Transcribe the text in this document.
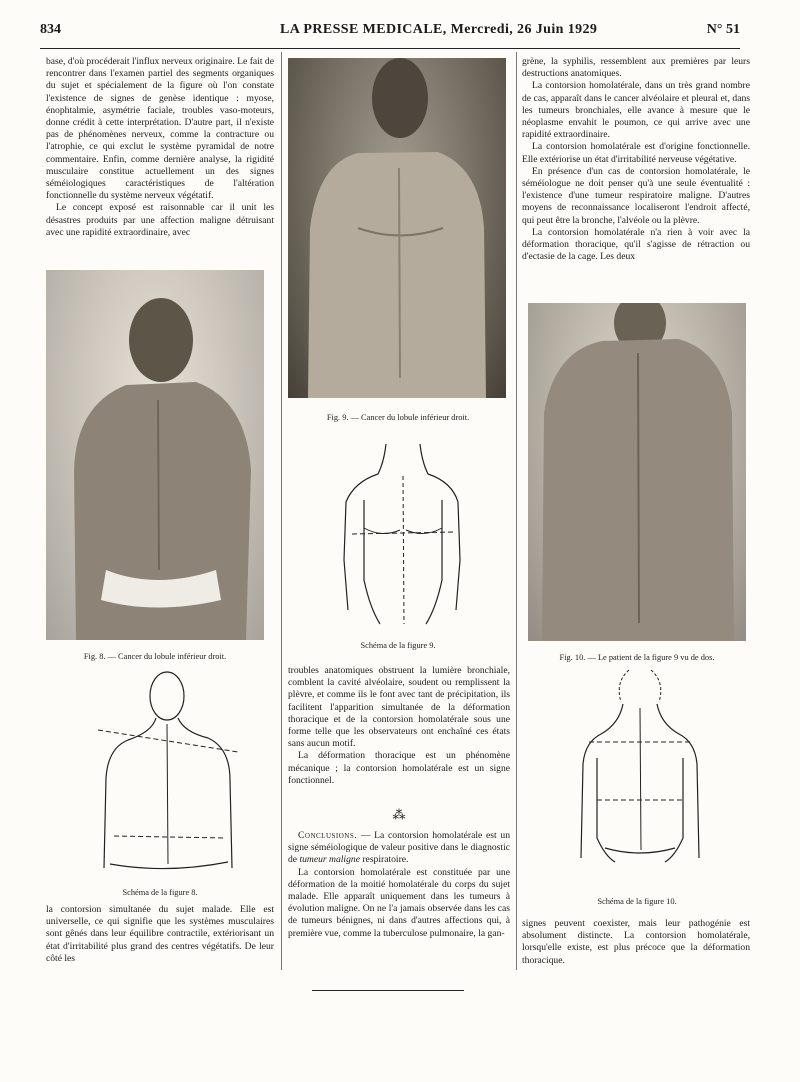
834	LA PRESSE MEDICALE, Mercredi, 26 Juin 1929	N° 51

base, d'où procéderait l'influx nerveux originaire. Le fait de rencontrer dans l'examen partiel des segments organiques du sujet et spécialement de la figure où l'on constate l'existence de signes de genèse identique : myose, énophtalmie, asymétrie faciale, troubles vaso-moteurs, donne crédit à cette interprétation. D'autre part, il n'existe pas de phénomènes nerveux, comme la contracture ou l'atrophie, ce qui exclut le système pyramidal de notre commentaire. Enfin, comme dernière analyse, la rigidité musculaire constitue actuellement un des signes séméiologiques caractéristiques de l'altération fonctionnelle du système nerveux végétatif.

Le concept exposé est raisonnable car il unit les désastres produits par une affection maligne détruisant avec une rapidité extraordinaire, avec

Fig. 8. — Cancer du lobule inférieur droit.
Schéma de la figure 8.

la contorsion simultanée du sujet malade. Elle est universelle, ce qui signifie que les systèmes musculaires sont gênés dans leur équilibre contractile, extériorisant un état d'irritabilité plus grand des centres végétatifs. De leur côté les

Fig. 9. — Cancer du lobule inférieur droit.
Schéma de la figure 9.

troubles anatomiques obstruent la lumière bronchiale, comblent la cavité alvéolaire, soudent ou remplissent la plèvre, et comme ils le font avec tant de précipitation, ils facilitent l'apparition simultanée de la déformation thoracique et de la contorsion homolatérale sous une forme telle que les observateurs ont enchaîné ces états sans aucun motif.

La déformation thoracique est un phénomène mécanique ; la contorsion homolatérale est un signe fonctionnel.

⁂

Conclusions. — La contorsion homolatérale est un signe séméiologique de valeur positive dans le diagnostic de tumeur maligne respiratoire.

La contorsion homolatérale est constituée par une déformation de la moitié homolatérale du corps du sujet malade. Elle apparaît uniquement dans les tumeurs à évolution maligne. On ne l'a jamais observée dans les cas de tumeurs bénignes, ni dans d'autres affections qui, à première vue, comme la tuberculose pulmonaire, la gan-

grène, la syphilis, ressemblent aux premières par leurs destructions anatomiques.

La contorsion homolatérale, dans un très grand nombre de cas, apparaît dans le cancer alvéolaire et pleural et, dans les tumeurs bronchiales, elle avance à mesure que le néoplasme envahit le poumon, ce qui arrive avec une rapidité extraordinaire.

La contorsion homolatérale est d'origine fonctionnelle. Elle extériorise un état d'irritabilité nerveuse végétative.

En présence d'un cas de contorsion homolatérale, le séméiologue ne doit penser qu'à une seule éventualité : l'existence d'une tumeur respiratoire maligne. D'autres moyens de reconnaissance localiseront l'endroit affecté, qui peut être la bronche, l'alvéole ou la plèvre.

La contorsion homolatérale n'a rien à voir avec la déformation thoracique, qu'il s'agisse de rétraction ou d'ectasie de la cage. Les deux

Fig. 10. — Le patient de la figure 9 vu de dos.
Schéma de la figure 10.

signes peuvent coexister, mais leur pathogénie est absolument distincte. La contorsion homolatérale, lorsqu'elle existe, est plus précoce que la déformation thoracique.
